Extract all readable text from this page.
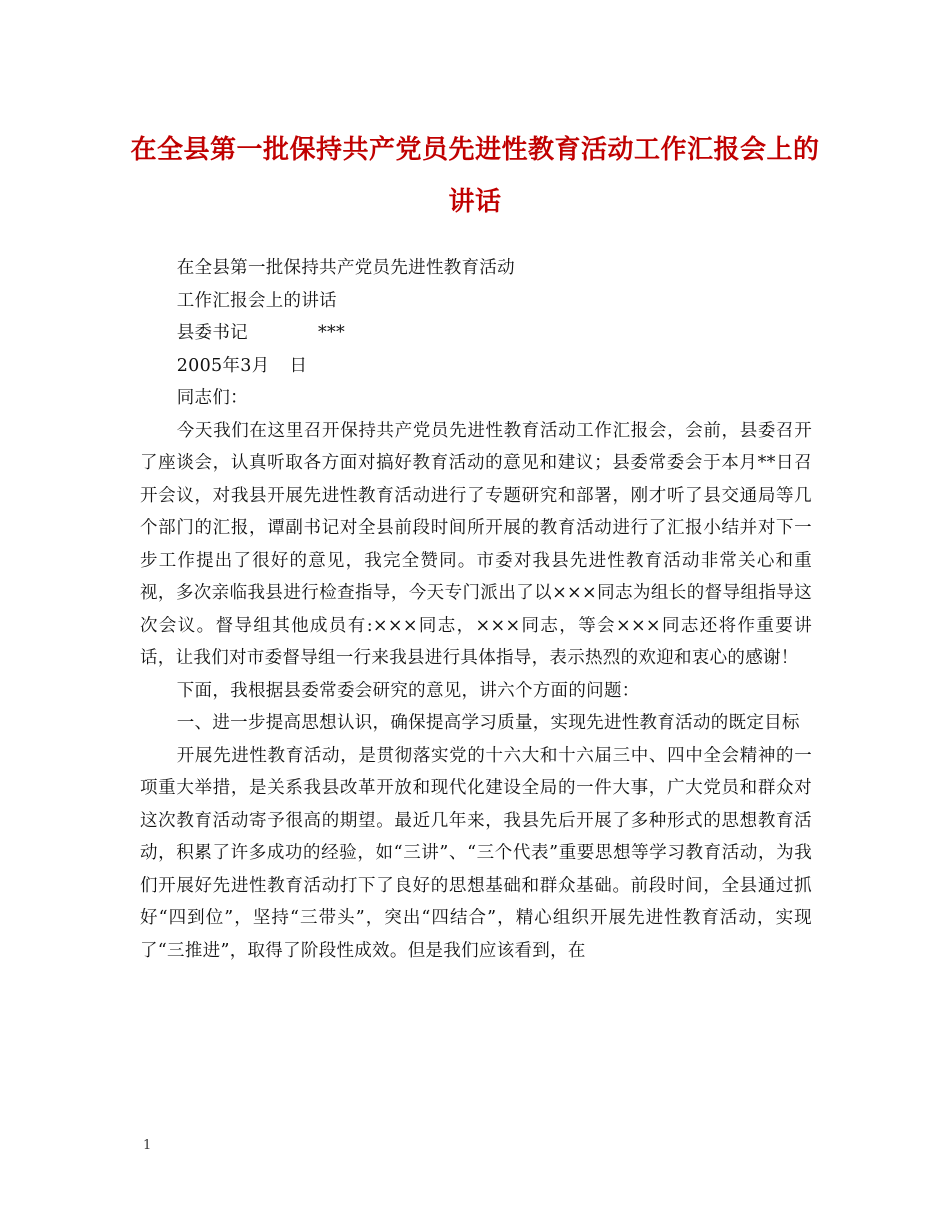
在全县第一批保持共产党员先进性教育活动工作汇报会上的讲话

在全县第一批保持共产党员先进性教育活动

工作汇报会上的讲话

县委书记	***

2005年3月 日

同志们：

今天我们在这里召开保持共产党员先进性教育活动工作汇报会，会前，县委召开了座谈会，认真听取各方面对搞好教育活动的意见和建议；县委常委会于本月**日召开会议，对我县开展先进性教育活动进行了专题研究和部署，刚才听了县交通局等几个部门的汇报，谭副书记对全县前段时间所开展的教育活动进行了汇报小结并对下一步工作提出了很好的意见，我完全赞同。市委对我县先进性教育活动非常关心和重视，多次亲临我县进行检查指导，今天专门派出了以×××同志为组长的督导组指导这次会议。督导组其他成员有:×××同志，×××同志，等会×××同志还将作重要讲话，让我们对市委督导组一行来我县进行具体指导，表示热烈的欢迎和衷心的感谢！

下面，我根据县委常委会研究的意见，讲六个方面的问题：

一、进一步提高思想认识，确保提高学习质量，实现先进性教育活动的既定目标

开展先进性教育活动，是贯彻落实党的十六大和十六届三中、四中全会精神的一项重大举措，是关系我县改革开放和现代化建设全局的一件大事，广大党员和群众对这次教育活动寄予很高的期望。最近几年来，我县先后开展了多种形式的思想教育活动，积累了许多成功的经验，如“三讲”、“三个代表”重要思想等学习教育活动，为我们开展好先进性教育活动打下了良好的思想基础和群众基础。前段时间，全县通过抓好“四到位”，坚持“三带头”，突出“四结合”，精心组织开展先进性教育活动，实现了“三推进”，取得了阶段性成效。但是我们应该看到，在

1
